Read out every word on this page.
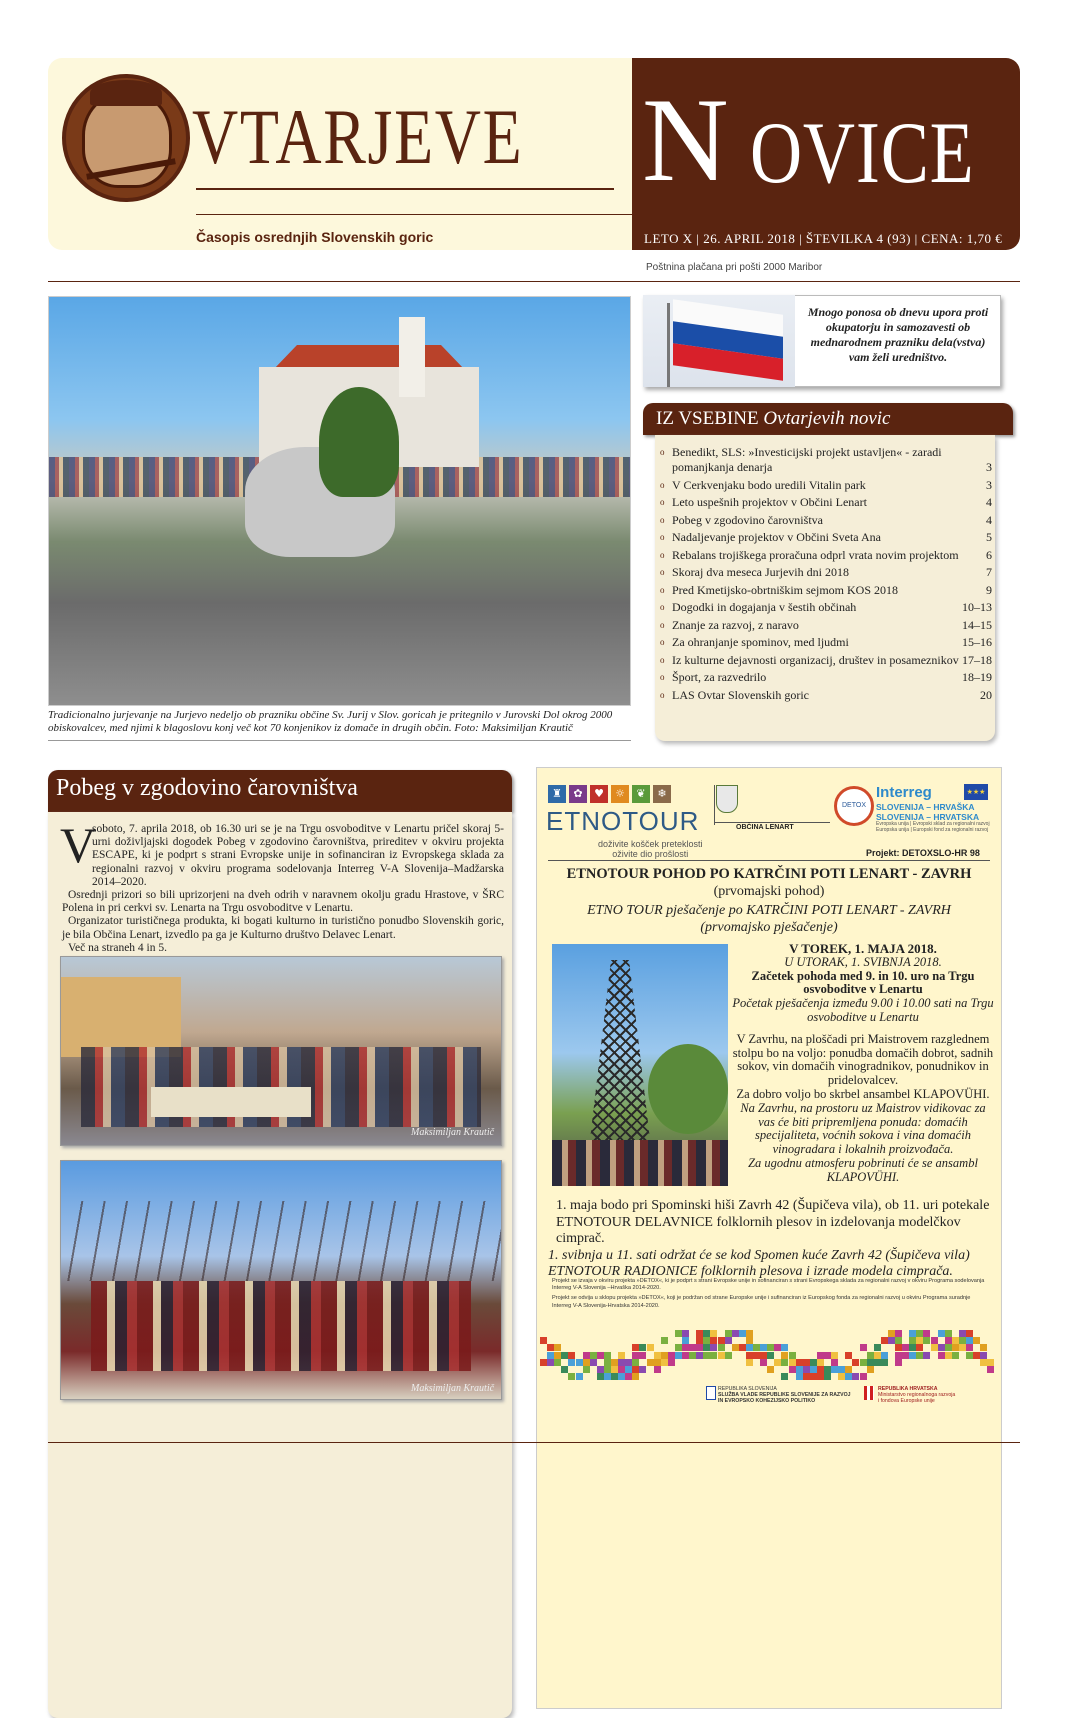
VTARJEVE N OVICE
Časopis osrednjih Slovenskih goric	LETO X | 26. APRIL 2018 | ŠTEVILKA 4 (93) | CENA: 1,70 €
Poštnina plačana pri pošti 2000 Maribor
Tradicionalno jurjevanje na Jurjevo nedeljo ob prazniku občine Sv. Jurij v Slov. goricah je pritegnilo v Jurovski Dol okrog 2000 obiskovalcev, med njimi k blagoslovu konj več kot 70 konjenikov iz domače in drugih občin. Foto: Maksimiljan Krautič
Mnogo ponosa ob dnevu upora proti okupatorju in samozavesti ob mednarodnem prazniku dela(vstva) vam želi uredništvo.
IZ VSEBINE Ovtarjevih novic
o Benedikt, SLS: »Investicijski projekt ustavljen« - zaradi pomanjkanja denarja	3
o V Cerkvenjaku bodo uredili Vitalin park	3
o Leto uspešnih projektov v Občini Lenart	4
o Pobeg v zgodovino čarovništva	4
o Nadaljevanje projektov v Občini Sveta Ana	5
o Rebalans trojiškega proračuna odprl vrata novim projektom 6
o Skoraj dva meseca Jurjevih dni 2018	7
o Pred Kmetijsko-obrtniškim sejmom KOS 2018	9
o Dogodki in dogajanja v šestih občinah	10–13
o Znanje za razvoj, z naravo	14–15
o Za ohranjanje spominov, med ljudmi	15–16
o Iz kulturne dejavnosti organizacij, društev in posameznikov 17–18
o Šport, za razvedrilo	18–19
o LAS Ovtar Slovenskih goric	20
Pobeg v zgodovino čarovništva
V

soboto, 7. aprila 2018, ob 16.30 uri se je na Trgu osvoboditve v Lenartu pričel skoraj 5-urni doživljajski dogodek Pobeg v zgodovino čarovništva, prireditev v okviru projekta ESCAPE, ki je podprt s strani Evropske unije in sofinanciran iz Evropskega sklada za regionalni razvoj v okviru programa sodelovanja Interreg V-A Slovenija–Madžarska 2014–2020.

Osrednji prizori so bili uprizorjeni na dveh odrih v naravnem okolju gradu Hrastove, v ŠRC Polena in pri cerkvi sv. Lenarta na Trgu osvoboditve v Lenartu.

Organizator turističnega produkta, ki bogati kulturno in turistično ponudbo Slovenskih goric, je bila Občina Lenart, izvedlo pa ga je Kulturno društvo Delavec Lenart.

Več na straneh 4 in 5.

Maksimiljan Krautič
Maksimiljan Krautič
♜	✿	♥	☼	❦	❄
ETNOTOUR
doživite košček preteklosti
oživite dio prošlosti
OBČINA LENART
DETOX
Interreg	★★★
SLOVENIJA – HRVAŠKA
SLOVENIJA – HRVATSKA
Evropska unija | Evropski sklad za regionalni razvoj
Europska unija | Europski fond za regionalni razvoj
Projekt: DETOXSLO-HR 98
ETNOTOUR POHOD PO KATRČINI POTI LENART - ZAVRH
(prvomajski pohod)
ETNO TOUR pješačenje po KATRČINI POTI LENART - ZAVRH
(prvomajsko pješačenje)
V TOREK, 1. MAJA 2018.
U UTORAK, 1. SVIBNJA 2018.
Začetek pohoda med 9. in 10. uro na Trgu osvoboditve v Lenartu
Početak pješačenja između 9.00 i 10.00 sati na Trgu osvoboditve u Lenartu
V Zavrhu, na ploščadi pri Maistrovem razglednem stolpu bo na voljo: ponudba domačih dobrot, sadnih sokov, vin domačih vinogradnikov, ponudnikov in pridelovalcev.
Za dobro voljo bo skrbel ansambel KLAPOVÜHI.
Na Zavrhu, na prostoru uz Maistrov vidikovac za vas će biti pripremljena ponuda: domaćih specijaliteta, voćnih sokova i vina domaćih vinogradara i lokalnih proizvođača.
Za ugodnu atmosferu pobrinuti će se ansambl KLAPOVÜHI.
1. maja bodo pri Spominski hiši Zavrh 42 (Šupičeva vila), ob 11. uri potekale ETNOTOUR DELAVNICE folklornih plesov in izdelovanja modelčkov cimprač.
1. svibnja u 11. sati održat će se kod Spomen kuće Zavrh 42 (Šupičeva vila) ETNOTOUR RADIONICE folklornih plesova i izrade modela cimprača.
Projekt se izvaja v okviru projekta »DETOX«, ki je podprt s strani Evropske unije in sofinanciran s strani Evropskega sklada za regionalni razvoj v okviru Programa sodelovanja Interreg V-A Slovenija –Hrvaška 2014-2020.
Projekt se odvija u sklopu projekta »DETOX«, koji je podržan od strane Europske unije i sufinanciran iz Europskog fonda za regionalni razvoj u okviru Programa suradnje Interreg V-A Slovenija-Hrvatska 2014-2020.
REPUBLIKA SLOVENIJA
SLUŽBA VLADE REPUBLIKE SLOVENIJE ZA RAZVOJ
IN EVROPSKO KOHEZIJSKO POLITIKO
REPUBLIKA HRVATSKA
Ministarstvo regionalnoga razvoja
i fondova Europske unije
